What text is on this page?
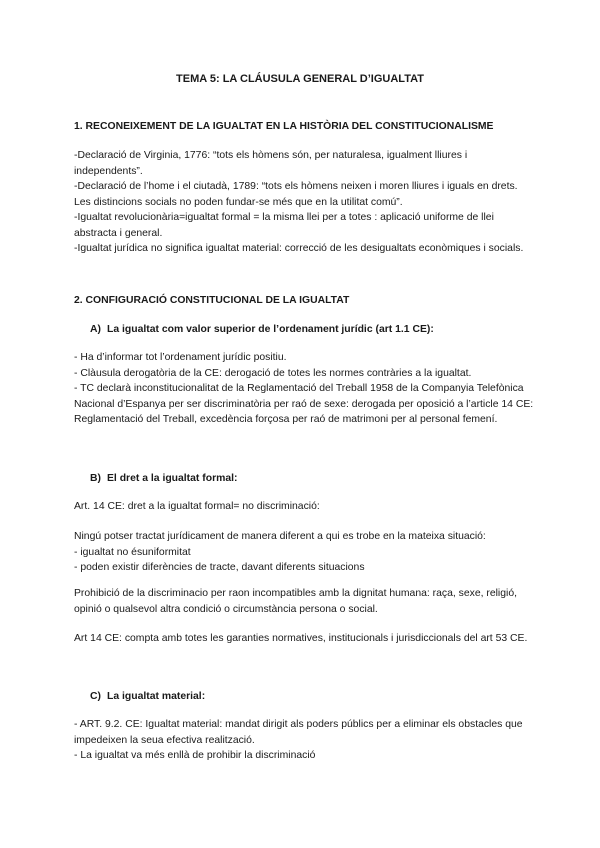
TEMA 5: LA CLÁUSULA GENERAL D’IGUALTAT
1. RECONEIXEMENT DE LA IGUALTAT EN LA HISTÒRIA DEL CONSTITUCIONALISME

-Declaració de Virginia, 1776: “tots els hòmens són, per naturalesa, igualment lliures i independents”.

-Declaració de l’home i el ciutadà, 1789: “tots els hòmens neixen i moren lliures i iguals en drets. Les distincions socials no poden fundar-se més que en la utilitat comú”.

-Igualtat revolucionària=igualtat formal = la misma llei per a totes : aplicació uniforme de llei abstracta i general.

-Igualtat jurídica no significa igualtat material: correcció de les desigualtats econòmiques i socials.

2. CONFIGURACIÓ CONSTITUCIONAL DE LA IGUALTAT
A) La igualtat com valor superior de l’ordenament jurídic (art 1.1 CE):

- Ha d’informar tot l’ordenament jurídic positiu.

- Clàusula derogatòria de la CE: derogació de totes les normes contràries a la igualtat.

- TC declarà inconstitucionalitat de la Reglamentació del Treball 1958 de la Companyia Telefònica Nacional d’Espanya per ser discriminatòria per raó de sexe: derogada per oposició a l’article 14 CE: Reglamentació del Treball, excedència forçosa per raó de matrimoni per al personal femení.

B) El dret a la igualtat formal:

Art. 14 CE: dret a la igualtat formal= no discriminació:

Ningú potser tractat jurídicament de manera diferent a qui es trobe en la mateixa situació:

- igualtat no ésuniformitat

- poden existir diferències de tracte, davant diferents situacions

Prohibició de la discriminacio per raon incompatibles amb la dignitat humana: raça, sexe, religió, opinió o qualsevol altra condició o circumstància persona o social.

Art 14 CE: compta amb totes les garanties normatives, institucionals i jurisdiccionals del art 53 CE.

C) La igualtat material:

- ART. 9.2. CE: Igualtat material: mandat dirigit als poders públics per a eliminar els obstacles que impedeixen la seua efectiva realització.

- La igualtat va més enllà de prohibir la discriminació
